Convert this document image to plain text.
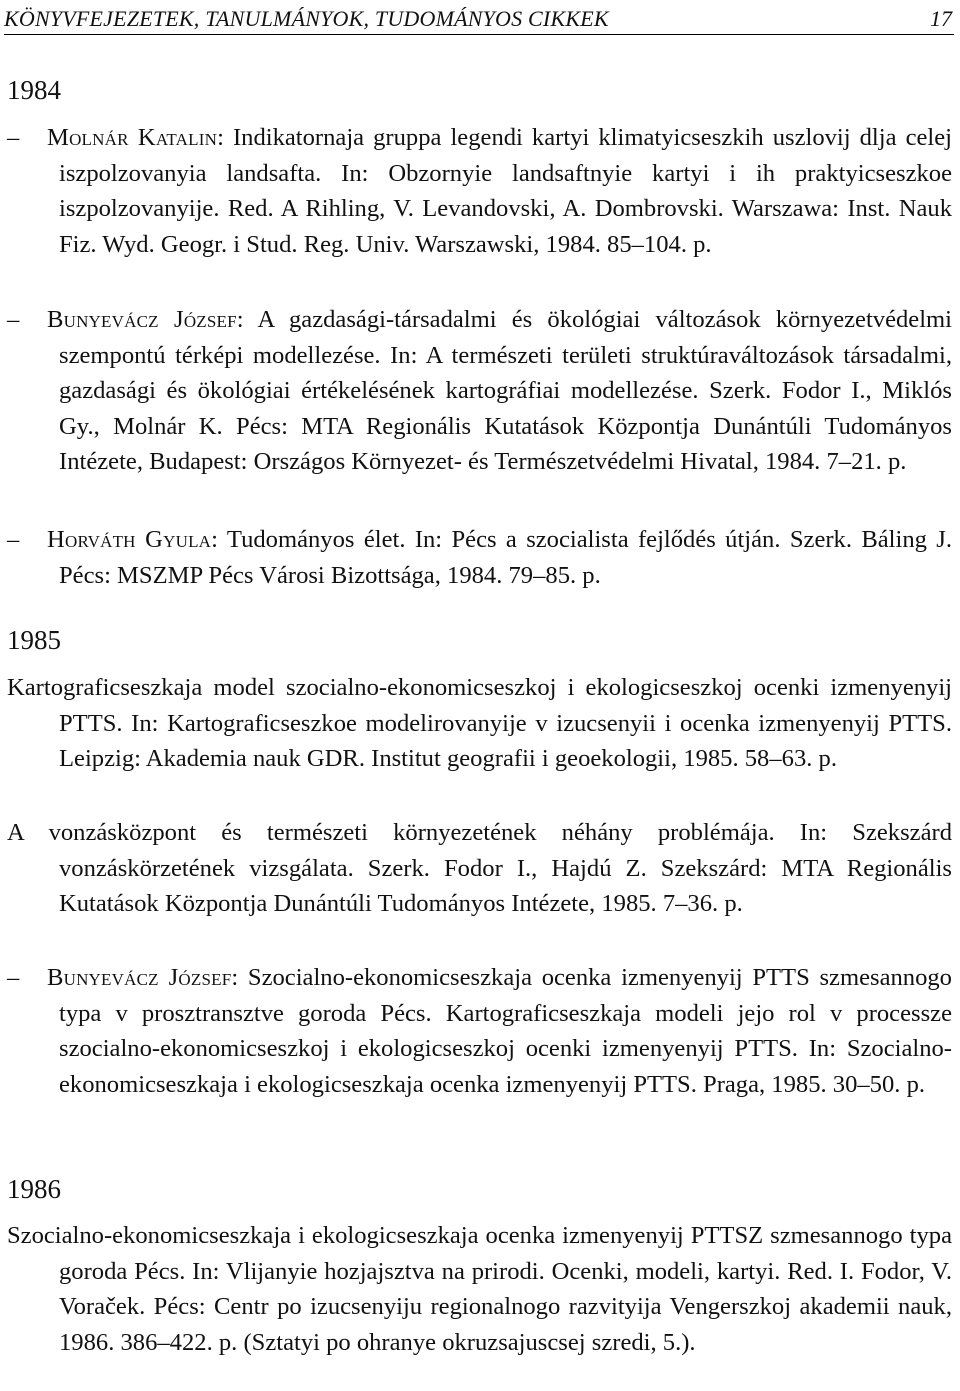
KÖNYVFEJEZETEK, TANULMÁNYOK, TUDOMÁNYOS CIKKEK	17
1984

– Molnár Katalin: Indikatornaja gruppa legendi kartyi klimatyicseszkih uszlovij dlja celej iszpolzovanyia landsafta. In: Obzornyie landsaftnyie kartyi i ih praktyicseszkoe iszpolzovanyije. Red. A Rihling, V. Levandovski, A. Dombrovski. Warszawa: Inst. Nauk Fiz. Wyd. Geogr. i Stud. Reg. Univ. Warszawski, 1984. 85–104. p.

– Bunyevácz József: A gazdasági-társadalmi és ökológiai változások környezetvédelmi szempontú térképi modellezése. In: A természeti területi struktúraváltozások társadalmi, gazdasági és ökológiai értékelésének kartográfiai modellezése. Szerk. Fodor I., Miklós Gy., Molnár K. Pécs: MTA Regionális Kutatások Központja Dunántúli Tudományos Intézete, Budapest: Országos Környezet- és Természetvédelmi Hivatal, 1984. 7–21. p.

– Horváth Gyula: Tudományos élet. In: Pécs a szocialista fejlődés útján. Szerk. Báling J. Pécs: MSZMP Pécs Városi Bizottsága, 1984. 79–85. p.

1985

Kartograficseszkaja model szocialno-ekonomicseszkoj i ekologicseszkoj ocenki izmenyenyij PTTS. In: Kartograficseszkoe modelirovanyije v izucsenyii i ocenka izmenyenyij PTTS. Leipzig: Akademia nauk GDR. Institut geografii i geoekologii, 1985. 58–63. p.

A vonzásközpont és természeti környezetének néhány problémája. In: Szekszárd vonzáskörzetének vizsgálata. Szerk. Fodor I., Hajdú Z. Szekszárd: MTA Regionális Kutatások Központja Dunántúli Tudományos Intézete, 1985. 7–36. p.

– Bunyevácz József: Szocialno-ekonomicseszkaja ocenka izmenyenyij PTTS szmesannogo typa v prosztransztve goroda Pécs. Kartograficseszkaja modeli jejo rol v processze szocialno-ekonomicseszkoj i ekologicseszkoj ocenki izmenyenyij PTTS. In: Szocialno-ekonomicseszkaja i ekologicseszkaja ocenka izmenyenyij PTTS. Praga, 1985. 30–50. p.

1986

Szocialno-ekonomicseszkaja i ekologicseszkaja ocenka izmenyenyij PTTSZ szmesannogo typa goroda Pécs. In: Vlijanyie hozjajsztva na prirodi. Ocenki, modeli, kartyi. Red. I. Fodor, V. Voraček. Pécs: Centr po izucsenyiju regionalnogo razvityija Vengerszkoj akademii nauk, 1986. 386–422. p. (Sztatyi po ohranye okruzsajuscsej szredi, 5.).
